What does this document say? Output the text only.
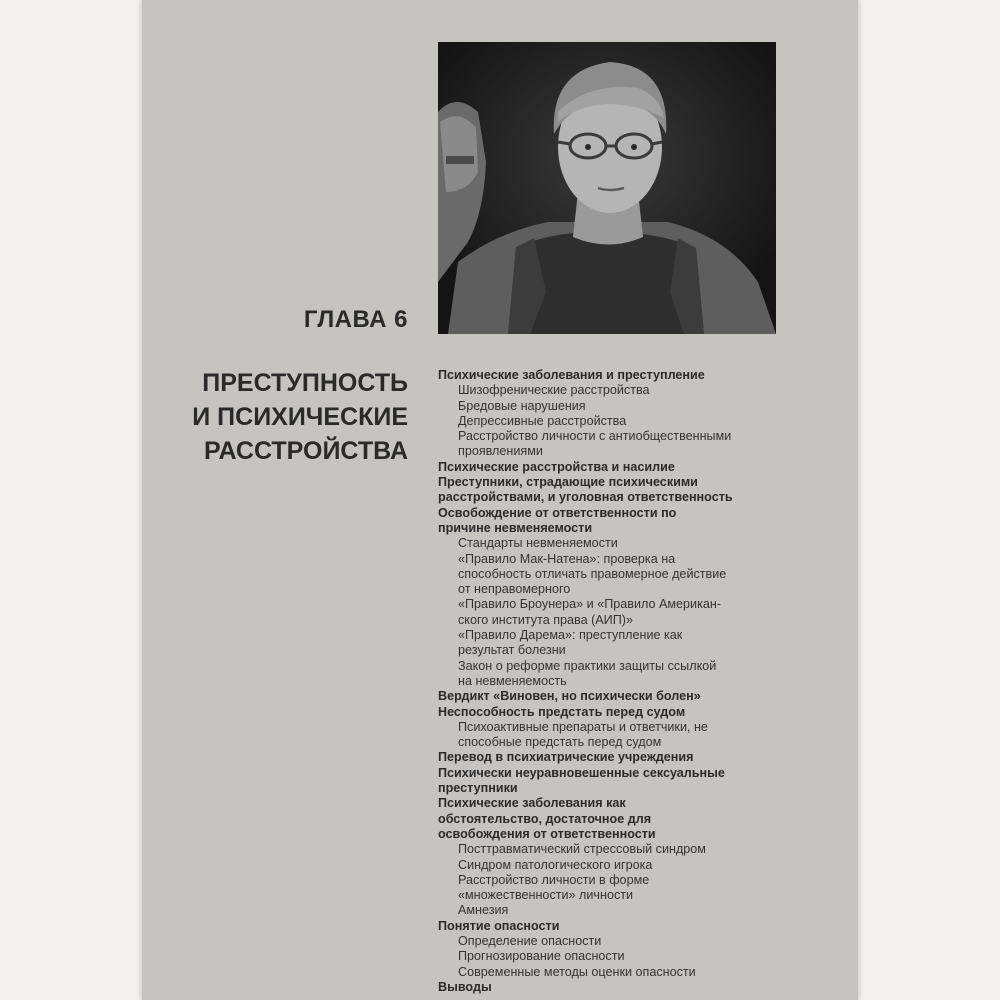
ГЛАВА 6
ПРЕСТУПНОСТЬ
И ПСИХИЧЕСКИЕ
РАССТРОЙСТВА
Психические заболевания и преступление
Шизофренические расстройства
Бредовые нарушения
Депрессивные расстройства
Расстройство личности с антиобщественными
проявлениями
Психические расстройства и насилие
Преступники, страдающие психическими
расстройствами, и уголовная ответственность
Освобождение от ответственности по
причине невменяемости
Стандарты невменяемости
«Правило Мак-Натена»: проверка на
способность отличать правомерное действие
от неправомерного
«Правило Броунера» и «Правило Американ-
ского института права (АИП)»
«Правило Дарема»: преступление как
результат болезни
Закон о реформе практики защиты ссылкой
на невменяемость
Вердикт «Виновен, но психически болен»
Неспособность предстать перед судом
Психоактивные препараты и ответчики, не
способные предстать перед судом
Перевод в психиатрические учреждения
Психически неуравновешенные сексуальные
преступники
Психические заболевания как
обстоятельство, достаточное для
освобождения от ответственности
Посттравматический стрессовый синдром
Синдром патологического игрока
Расстройство личности в форме
«множественности» личности
Амнезия
Понятие опасности
Определение опасности
Прогнозирование опасности
Современные методы оценки опасности
Выводы
